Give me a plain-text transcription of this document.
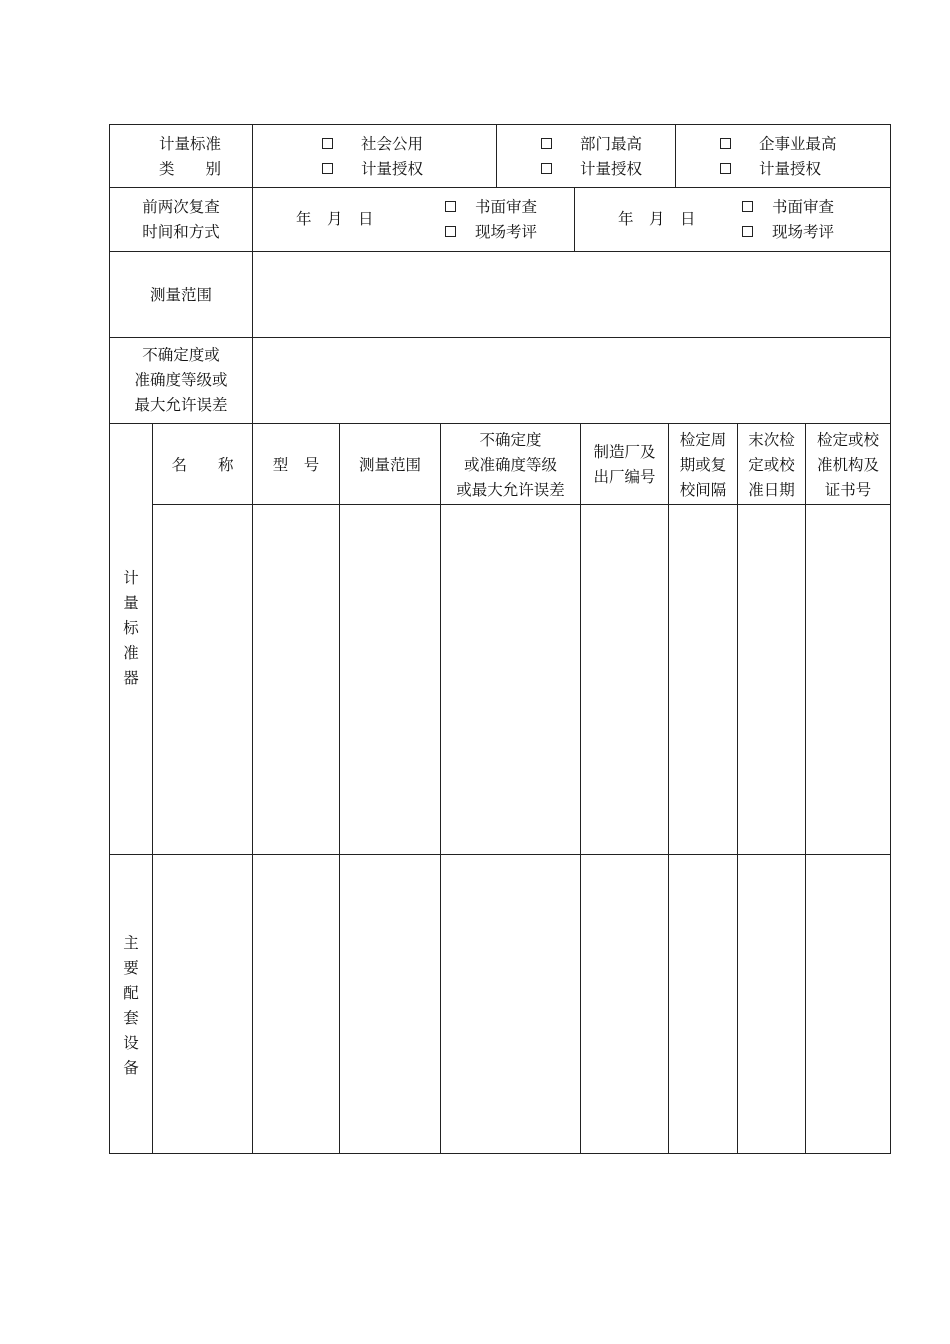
计量标准
类　　别
社会公用
计量授权
部门最高
计量授权
企事业最高
计量授权
前两次复查
时间和方式
年　月　日
书面审查
现场考评
年　月　日
书面审查
现场考评
测量范围
不确定度或
准确度等级或
最大允许误差
名　　称	型　号	测量范围
不确定度
或准确度等级
或最大允许误差
制造厂及
出厂编号
检定周
期或复
校间隔
末次检
定或校
准日期
检定或校
准机构及
证书号
计
量
标
准
器
主
要
配
套
设
备
